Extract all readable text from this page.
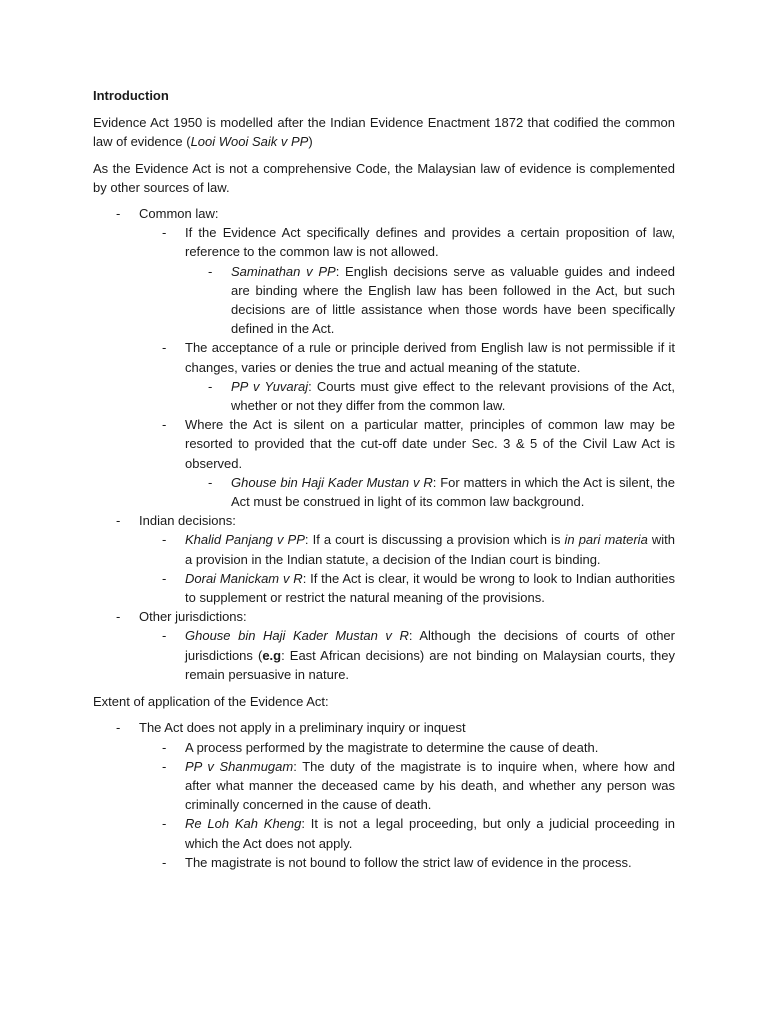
Introduction

Evidence Act 1950 is modelled after the Indian Evidence Enactment 1872 that codified the common law of evidence (Looi Wooi Saik v PP)

As the Evidence Act is not a comprehensive Code, the Malaysian law of evidence is complemented by other sources of law.

- Common law:
- If the Evidence Act specifically defines and provides a certain proposition of law, reference to the common law is not allowed.
- Saminathan v PP: English decisions serve as valuable guides and indeed are binding where the English law has been followed in the Act, but such decisions are of little assistance when those words have been specifically defined in the Act.
- The acceptance of a rule or principle derived from English law is not permissible if it changes, varies or denies the true and actual meaning of the statute.
- PP v Yuvaraj: Courts must give effect to the relevant provisions of the Act, whether or not they differ from the common law.
- Where the Act is silent on a particular matter, principles of common law may be resorted to provided that the cut-off date under Sec. 3 & 5 of the Civil Law Act is observed.
- Ghouse bin Haji Kader Mustan v R: For matters in which the Act is silent, the Act must be construed in light of its common law background.
- Indian decisions:
- Khalid Panjang v PP: If a court is discussing a provision which is in pari materia with a provision in the Indian statute, a decision of the Indian court is binding.
- Dorai Manickam v R: If the Act is clear, it would be wrong to look to Indian authorities to supplement or restrict the natural meaning of the provisions.
- Other jurisdictions:
- Ghouse bin Haji Kader Mustan v R: Although the decisions of courts of other jurisdictions (e.g: East African decisions) are not binding on Malaysian courts, they remain persuasive in nature.

Extent of application of the Evidence Act:

- The Act does not apply in a preliminary inquiry or inquest
- A process performed by the magistrate to determine the cause of death.
- PP v Shanmugam: The duty of the magistrate is to inquire when, where how and after what manner the deceased came by his death, and whether any person was criminally concerned in the cause of death.
- Re Loh Kah Kheng: It is not a legal proceeding, but only a judicial proceeding in which the Act does not apply.
- The magistrate is not bound to follow the strict law of evidence in the process.
